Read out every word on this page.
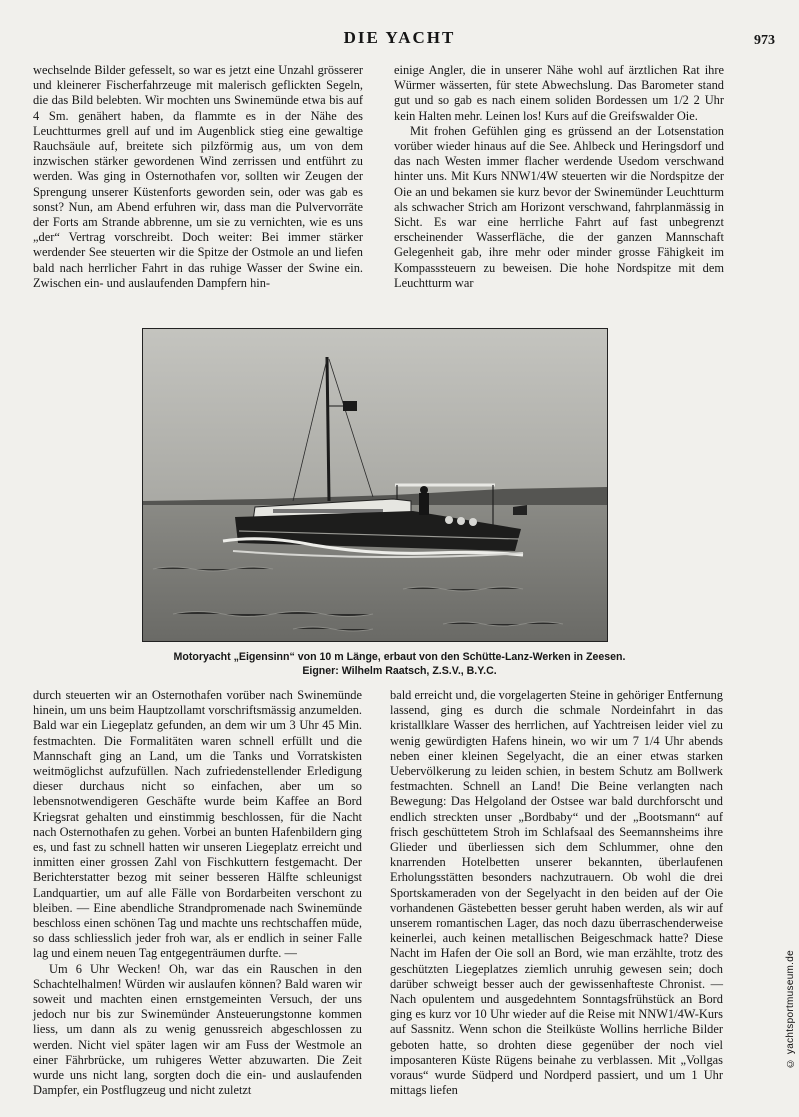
DIE YACHT	973

wechselnde Bilder gefesselt, so war es jetzt eine Unzahl grösserer und kleinerer Fischerfahrzeuge mit malerisch geflickten Segeln, die das Bild belebten. Wir mochten uns Swinemünde etwa bis auf 4 Sm. genähert haben, da flammte es in der Nähe des Leuchtturmes grell auf und im Augenblick stieg eine gewaltige Rauchsäule auf, breitete sich pilzförmig aus, um von dem inzwischen stärker gewordenen Wind zerrissen und entführt zu werden. Was ging in Osternothafen vor, sollten wir Zeugen der Sprengung unserer Küstenforts geworden sein, oder was gab es sonst? Nun, am Abend erfuhren wir, dass man die Pulvervorräte der Forts am Strande abbrenne, um sie zu vernichten, wie es uns „der“ Vertrag vorschreibt. Doch weiter: Bei immer stärker werdender See steuerten wir die Spitze der Ostmole an und liefen bald nach herrlicher Fahrt in das ruhige Wasser der Swine ein. Zwischen ein- und auslaufenden Dampfern hin-

einige Angler, die in unserer Nähe wohl auf ärztlichen Rat ihre Würmer wässerten, für stete Abwechslung. Das Barometer stand gut und so gab es nach einem soliden Bordessen um 1/2 2 Uhr kein Halten mehr. Leinen los! Kurs auf die Greifswalder Oie.

Mit frohen Gefühlen ging es grüssend an der Lotsenstation vorüber wieder hinaus auf die See. Ahlbeck und Heringsdorf und das nach Westen immer flacher werdende Usedom verschwand hinter uns. Mit Kurs NNW1/4W steuerten wir die Nordspitze der Oie an und bekamen sie kurz bevor der Swinemünder Leuchtturm als schwacher Strich am Horizont verschwand, fahrplanmässig in Sicht. Es war eine herrliche Fahrt auf fast unbegrenzt erscheinender Wasserfläche, die der ganzen Mannschaft Gelegenheit gab, ihre mehr oder minder grosse Fähigkeit im Kompasssteuern zu beweisen. Die hohe Nordspitze mit dem Leuchtturm war

Motoryacht „Eigensinn“ von 10 m Länge, erbaut von den Schütte-Lanz-Werken in Zeesen.
Eigner: Wilhelm Raatsch, Z.S.V., B.Y.C.

durch steuerten wir an Osternothafen vorüber nach Swinemünde hinein, um uns beim Hauptzollamt vorschriftsmässig anzumelden. Bald war ein Liegeplatz gefunden, an dem wir um 3 Uhr 45 Min. festmachten. Die Formalitäten waren schnell erfüllt und die Mannschaft ging an Land, um die Tanks und Vorratskisten weitmöglichst aufzufüllen. Nach zufriedenstellender Erledigung dieser durchaus nicht so einfachen, aber um so lebensnotwendigeren Geschäfte wurde beim Kaffee an Bord Kriegsrat gehalten und einstimmig beschlossen, für die Nacht nach Osternothafen zu gehen. Vorbei an bunten Hafenbildern ging es, und fast zu schnell hatten wir unseren Liegeplatz erreicht und inmitten einer grossen Zahl von Fischkuttern festgemacht. Der Berichterstatter bezog mit seiner besseren Hälfte schleunigst Landquartier, um auf alle Fälle von Bordarbeiten verschont zu bleiben. — Eine abendliche Strandpromenade nach Swinemünde beschloss einen schönen Tag und machte uns rechtschaffen müde, so dass schliesslich jeder froh war, als er endlich in seiner Falle lag und einem neuen Tag entgegenträumen durfte. —

Um 6 Uhr Wecken! Oh, war das ein Rauschen in den Schachtelhalmen! Würden wir auslaufen können? Bald waren wir soweit und machten einen ernstgemeinten Versuch, der uns jedoch nur bis zur Swinemünder Ansteuerungstonne kommen liess, um dann als zu wenig genussreich abgeschlossen zu werden. Nicht viel später lagen wir am Fuss der Westmole an einer Fährbrücke, um ruhigeres Wetter abzuwarten. Die Zeit wurde uns nicht lang, sorgten doch die ein- und auslaufenden Dampfer, ein Postflugzeug und nicht zuletzt

bald erreicht und, die vorgelagerten Steine in gehöriger Entfernung lassend, ging es durch die schmale Nordeinfahrt in das kristallklare Wasser des herrlichen, auf Yachtreisen leider viel zu wenig gewürdigten Hafens hinein, wo wir um 7 1/4 Uhr abends neben einer kleinen Segelyacht, die an einer etwas starken Uebervölkerung zu leiden schien, in bestem Schutz am Bollwerk festmachten. Schnell an Land! Die Beine verlangten nach Bewegung: Das Helgoland der Ostsee war bald durchforscht und endlich streckten unser „Bordbaby“ und der „Bootsmann“ auf frisch geschüttetem Stroh im Schlafsaal des Seemannsheims ihre Glieder und überliessen sich dem Schlummer, ohne den knarrenden Hotelbetten unserer bekannten, überlaufenen Erholungsstätten besonders nachzutrauern. Ob wohl die drei Sportskameraden von der Segelyacht in den beiden auf der Oie vorhandenen Gästebetten besser geruht haben werden, als wir auf unserem romantischen Lager, das noch dazu überraschenderweise keinerlei, auch keinen metallischen Beigeschmack hatte? Diese Nacht im Hafen der Oie soll an Bord, wie man erzählte, trotz des geschützten Liegeplatzes ziemlich unruhig gewesen sein; doch darüber schweigt besser auch der gewissenhafteste Chronist. — Nach opulentem und ausgedehntem Sonntagsfrühstück an Bord ging es kurz vor 10 Uhr wieder auf die Reise mit NNW1/4W-Kurs auf Sassnitz. Wenn schon die Steilküste Wollins herrliche Bilder geboten hatte, so drohten diese gegenüber der noch viel imposanteren Küste Rügens beinahe zu verblassen. Mit „Vollgas voraus“ wurde Südperd und Nordperd passiert, und um 1 Uhr mittags liefen

© yachtsportmuseum.de
